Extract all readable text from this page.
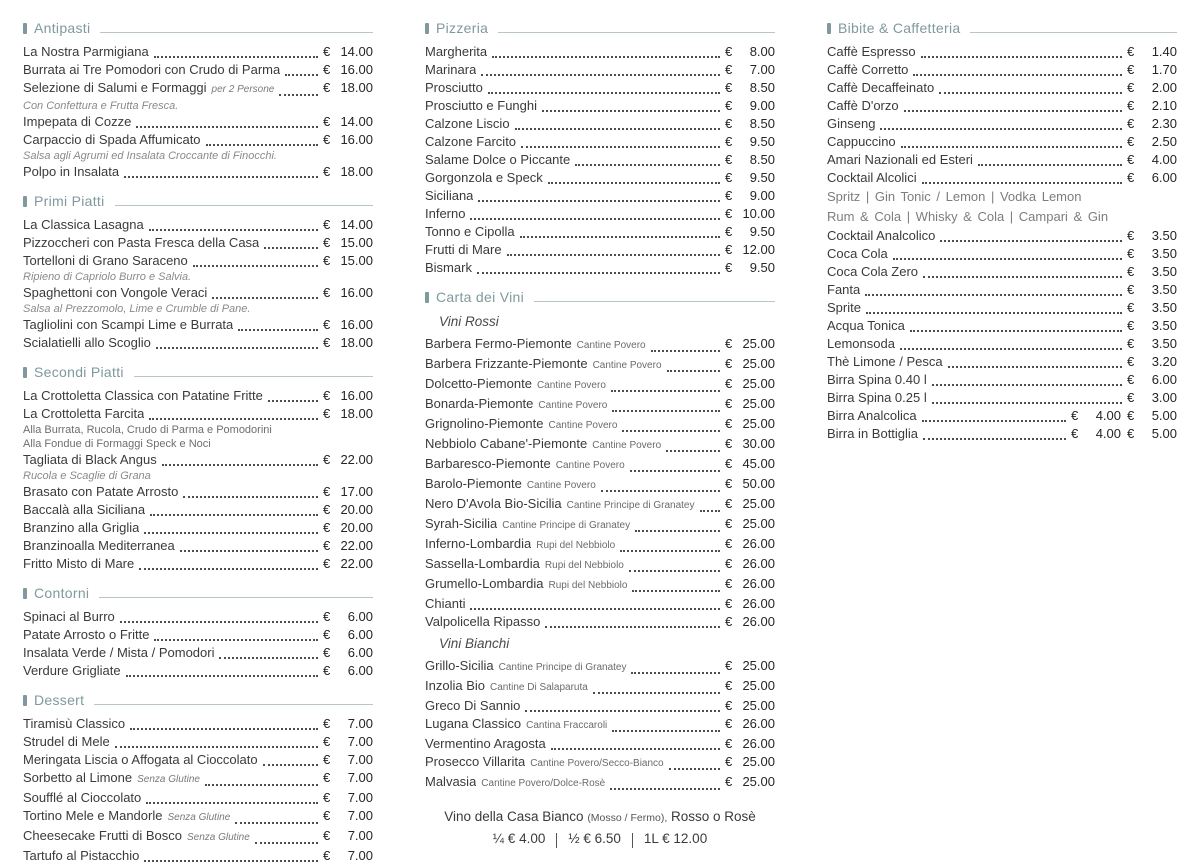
Antipasti
La Nostra Parmigiana	€ 14.00
Burrata ai Tre Pomodori con Crudo di Parma	€ 16.00
Selezione di Salumi e Formaggi per 2 Persone	€ 18.00
Con Confettura e Frutta Fresca.
Impepata di Cozze	€ 14.00
Carpaccio di Spada Affumicato	€ 16.00
Salsa agli Agrumi ed Insalata Croccante di Finocchi.
Polpo in Insalata	€ 18.00
Primi Piatti
La Classica Lasagna	€ 14.00
Pizzoccheri con Pasta Fresca della Casa	€ 15.00
Tortelloni di Grano Saraceno	€ 15.00
Ripieno di Capriolo Burro e Salvia.
Spaghettoni con Vongole Veraci	€ 16.00
Salsa al Prezzomolo, Lime e Crumble di Pane.
Tagliolini con Scampi Lime e Burrata	€ 16.00
Scialatielli allo Scoglio	€ 18.00
Secondi Piatti
La Crottoletta Classica con Patatine Fritte	€ 16.00
La Crottoletta Farcita	€ 18.00
Alla Burrata, Rucola, Crudo di Parma e Pomodorini
Alla Fondue di Formaggi Speck e Noci
Tagliata di Black Angus	€ 22.00
Rucola e Scaglie di Grana
Brasato con Patate Arrosto	€ 17.00
Baccalà alla Siciliana	€ 20.00
Branzino alla Griglia	€ 20.00
Branzinoalla Mediterranea	€ 22.00
Fritto Misto di Mare	€ 22.00
Contorni
Spinaci al Burro	€ 6.00
Patate Arrosto o Fritte	€ 6.00
Insalata Verde / Mista / Pomodori	€ 6.00
Verdure Grigliate	€ 6.00
Dessert
Tiramisù Classico	€ 7.00
Strudel di Mele	€ 7.00
Meringata Liscia o Affogata al Cioccolato	€ 7.00
Sorbetto al Limone Senza Glutine	€ 7.00
Soufflé al Cioccolato	€ 7.00
Tortino Mele e Mandorle Senza Glutine	€ 7.00
Cheesecake Frutti di Bosco Senza Glutine	€ 7.00
Tartufo al Pistacchio	€ 7.00
Pizzeria
Margherita	€ 8.00
Marinara	€ 7.00
Prosciutto	€ 8.50
Prosciutto e Funghi	€ 9.00
Calzone Liscio	€ 8.50
Calzone Farcito	€ 9.50
Salame Dolce o Piccante	€ 8.50
Gorgonzola e Speck	€ 9.50
Siciliana	€ 9.00
Inferno	€ 10.00
Tonno e Cipolla	€ 9.50
Frutti di Mare	€ 12.00
Bismark	€ 9.50
Carta dei Vini
Vini Rossi
Barbera Fermo-Piemonte Cantine Povero	€ 25.00
Barbera Frizzante-Piemonte Cantine Povero	€ 25.00
Dolcetto-Piemonte Cantine Povero	€ 25.00
Bonarda-Piemonte Cantine Povero	€ 25.00
Grignolino-Piemonte Cantine Povero	€ 25.00
Nebbiolo Cabane'-Piemonte Cantine Povero	€ 30.00
Barbaresco-Piemonte Cantine Povero	€ 45.00
Barolo-Piemonte Cantine Povero	€ 50.00
Nero D'Avola Bio-Sicilia Cantine Principe di Granatey € 25.00
Syrah-Sicilia Cantine Principe di Granatey	€ 25.00
Inferno-Lombardia Rupi del Nebbiolo	€ 26.00
Sassella-Lombardia Rupi del Nebbiolo	€ 26.00
Grumello-Lombardia Rupi del Nebbiolo	€ 26.00
Chianti	€ 26.00
Valpolicella Ripasso	€ 26.00
Vini Bianchi
Grillo-Sicilia Cantine Principe di Granatey	€ 25.00
Inzolia Bio Cantine Di Salaparuta	€ 25.00
Greco Di Sannio	€ 25.00
Lugana Classico Cantina Fraccaroli	€ 26.00
Vermentino Aragosta	€ 26.00
Prosecco Villarita Cantine Povero/Secco-Bianco	€ 25.00
Malvasia Cantine Povero/Dolce-Rosè	€ 25.00
Vino della Casa Bianco (Mosso / Fermo), Rosso o Rosè
¼ € 4.00 ½ € 6.50 1L € 12.00
Bibite & Caffetteria
Caffè Espresso	€ 1.40
Caffè Corretto	€ 1.70
Caffè Decaffeinato	€ 2.00
Caffè D'orzo	€ 2.10
Ginseng	€ 2.30
Cappuccino	€ 2.50
Amari Nazionali ed Esteri	€ 4.00
Cocktail Alcolici	€ 6.00
Spritz | Gin Tonic / Lemon | Vodka Lemon
Rum & Cola | Whisky & Cola | Campari & Gin
Cocktail Analcolico	€ 3.50
Coca Cola	€ 3.50
Coca Cola Zero	€ 3.50
Fanta	€ 3.50
Sprite	€ 3.50
Acqua Tonica	€ 3.50
Lemonsoda	€ 3.50
Thè Limone / Pesca	€ 3.20
Birra Spina 0.40 l	€ 6.00
Birra Spina 0.25 l	€ 3.00
Birra Analcolica	€ 4.00 € 5.00
Birra in Bottiglia	€ 4.00 € 5.00
